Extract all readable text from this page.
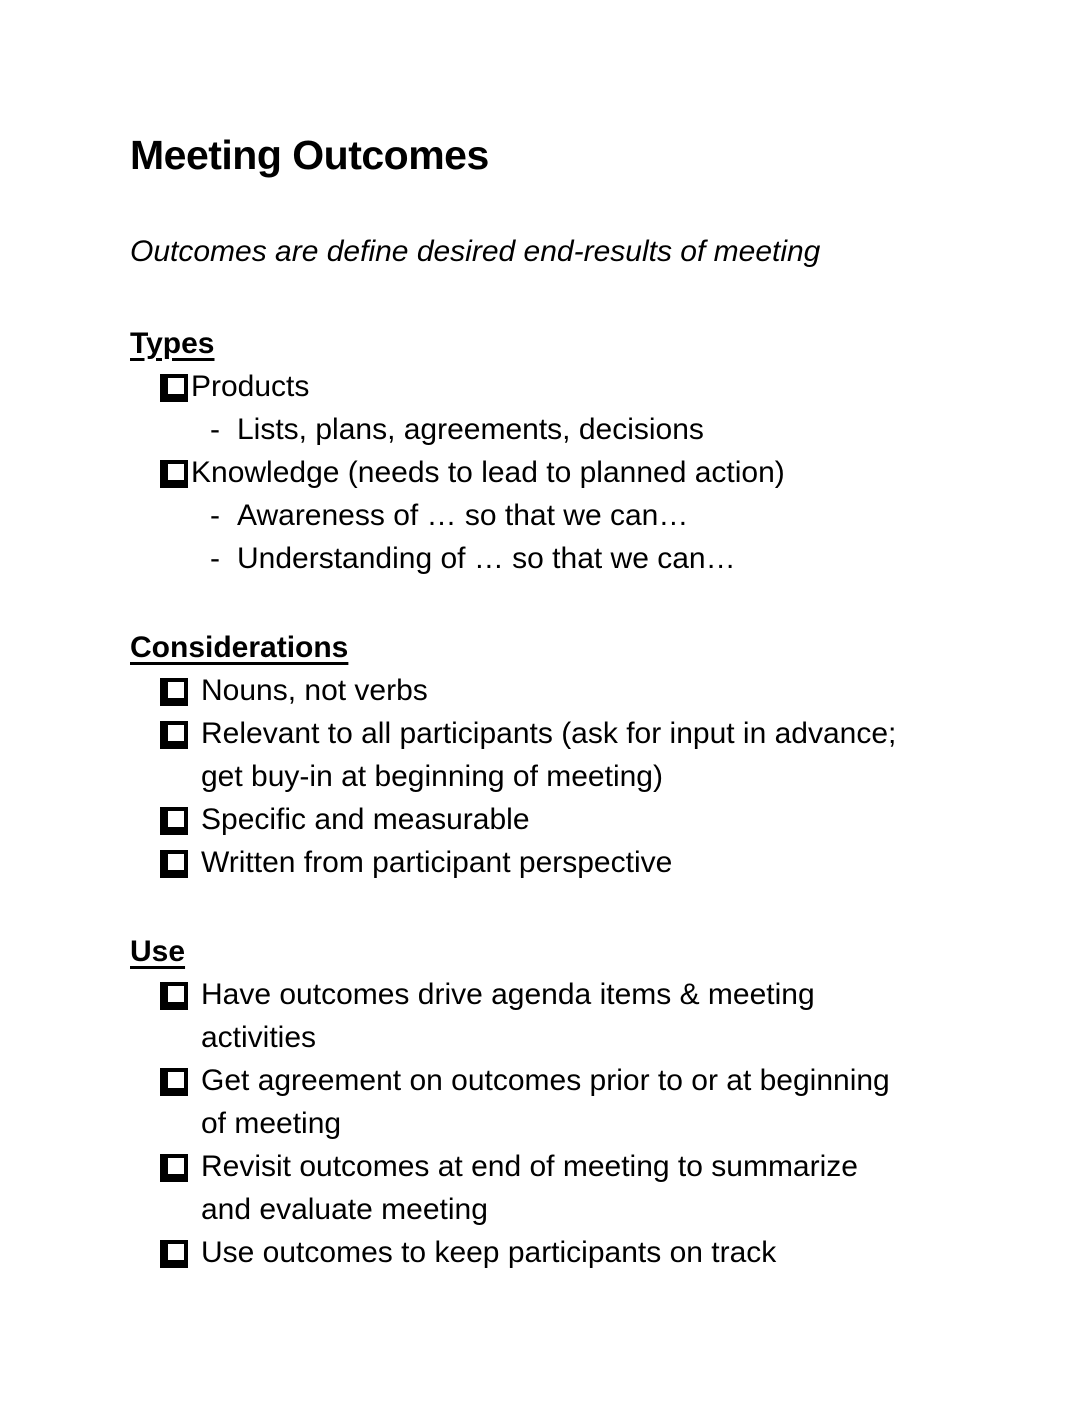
Meeting Outcomes

Outcomes are define desired end-results of meeting

Types
Products
- Lists, plans, agreements, decisions
Knowledge (needs to lead to planned action)
- Awareness of … so that we can…
- Understanding of … so that we can…
Considerations
Nouns, not verbs
Relevant to all participants (ask for input in advance;
get buy-in at beginning of meeting)
Specific and measurable
Written from participant perspective
Use
Have outcomes drive agenda items & meeting
activities
Get agreement on outcomes prior to or at beginning
of meeting
Revisit outcomes at end of meeting to summarize
and evaluate meeting
Use outcomes to keep participants on track
